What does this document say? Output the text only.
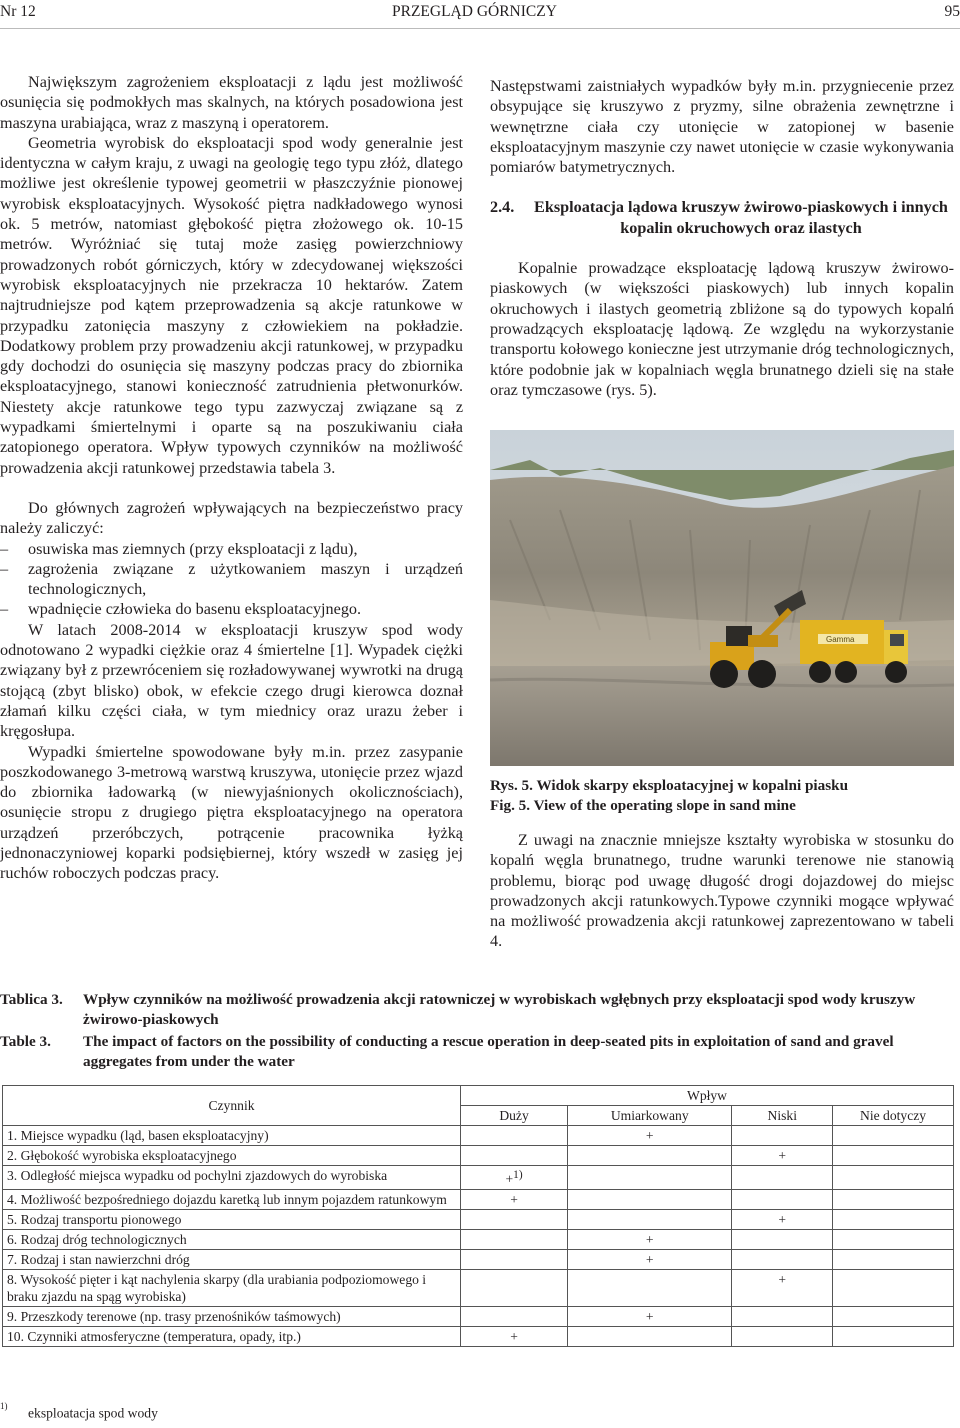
Nr 12	PRZEGLĄD GÓRNICZY	95

Największym zagrożeniem eksploatacji z lądu jest możliwość osunięcia się podmokłych mas skalnych, na których posadowiona jest maszyna urabiająca, wraz z maszyną i operatorem.

Geometria wyrobisk do eksploatacji spod wody generalnie jest identyczna w całym kraju, z uwagi na geologię tego typu złóż, dlatego możliwe jest określenie typowej geometrii w płaszczyźnie pionowej wyrobisk eksploatacyjnych. Wysokość piętra nadkładowego wynosi ok. 5 metrów, natomiast głębokość piętra złożowego ok. 10-15 metrów. Wyróżniać się tutaj może zasięg powierzchniowy prowadzonych robót górniczych, który w zdecydowanej większości wyrobisk eksploatacyjnych nie przekracza 10 hektarów. Zatem najtrudniejsze pod kątem przeprowadzenia są akcje ratunkowe w przypadku zatonięcia maszyny z człowiekiem na pokładzie. Dodatkowy problem przy prowadzeniu akcji ratunkowej, w przypadku gdy dochodzi do osunięcia się maszyny podczas pracy do zbiornika eksploatacyjnego, stanowi konieczność zatrudnienia płetwonurków. Niestety akcje ratunkowe tego typu zazwyczaj związane są z wypadkami śmiertelnymi i oparte są na poszukiwaniu ciała zatopionego operatora. Wpływ typowych czynników na możliwość prowadzenia akcji ratunkowej przedstawia tabela 3.

Do głównych zagrożeń wpływających na bezpieczeństwo pracy należy zaliczyć:

– osuwiska mas ziemnych (przy eksploatacji z lądu),
– zagrożenia związane z użytkowaniem maszyn i urządzeń technologicznych,
– wpadnięcie człowieka do basenu eksploatacyjnego.

W latach 2008-2014 w eksploatacji kruszyw spod wody odnotowano 2 wypadki ciężkie oraz 4 śmiertelne [1]. Wypadek ciężki związany był z przewróceniem się rozładowywanej wywrotki na drugą stojącą (zbyt blisko) obok, w efekcie czego drugi kierowca doznał złamań kilku części ciała, w tym miednicy oraz urazu żeber i kręgosłupa.

Wypadki śmiertelne spowodowane były m.in. przez zasypanie poszkodowanego 3-metrową warstwą kruszywa, utonięcie przez wjazd do zbiornika ładowarką (w niewyjaśnionych okolicznościach), osunięcie stropu z drugiego piętra eksploatacyjnego na operatora urządzeń przeróbczych, potrącenie pracownika łyżką jednonaczyniowej koparki podsiębiernej, który wszedł w zasięg jej ruchów roboczych podczas pracy.

Następstwami zaistniałych wypadków były m.in. przygniecenie przez obsypujące się kruszywo z pryzmy, silne obrażenia zewnętrzne i wewnętrzne ciała czy utonięcie w zatopionej w basenie eksploatacyjnym maszynie czy nawet utonięcie w czasie wykonywania pomiarów batymetrycznych.

2.4.	Eksploatacja lądowa kruszyw żwirowo-piaskowych i innych kopalin okruchowych oraz ilastych

Kopalnie prowadzące eksploatację lądową kruszyw żwirowo-piaskowych (w większości piaskowych) lub innych kopalin okruchowych i ilastych geometrią zbliżone są do typowych kopalń prowadzących eksploatację lądową. Ze względu na wykorzystanie transportu kołowego konieczne jest utrzymanie dróg technologicznych, które podobnie jak w kopalniach węgla brunatnego dzieli się na stałe oraz tymczasowe (rys. 5).

Gamma
Rys. 5. Widok skarpy eksploatacyjnej w kopalni piasku
Fig. 5. View of the operating slope in sand mine

Z uwagi na znacznie mniejsze kształty wyrobiska w stosunku do kopalń węgla brunatnego, trudne warunki terenowe nie stanowią problemu, biorąc pod uwagę długość drogi dojazdowej do miejsc prowadzonych akcji ratunkowych.Typowe czynniki mogące wpływać na możliwość prowadzenia akcji ratunkowej zaprezentowano w tabeli 4.

Tablica 3.	Wpływ czynników na możliwość prowadzenia akcji ratowniczej w wyrobiskach wgłębnych przy eksploatacji spod wody kruszyw żwirowo-piaskowych
Table 3.	The impact of factors on the possibility of conducting a rescue operation in deep-seated pits in exploitation of sand and gravel aggregates from under the water
Czynnik	Wpływ			
	Duży	Umiarkowany	Niski	Nie dotyczy
1. Miejsce wypadku (ląd, basen eksploatacyjny)		+		
2. Głębokość wyrobiska eksploatacyjnego			+	
3. Odległość miejsca wypadku od pochylni zjazdowych do wyrobiska	+$^{1)}$			
4. Możliwość bezpośredniego dojazdu karetką lub innym pojazdem ratunkowym	+			
5. Rodzaj transportu pionowego			+	
6. Rodzaj dróg technologicznych		+		
7. Rodzaj i stan nawierzchni dróg		+		
8. Wysokość pięter i kąt nachylenia skarpy (dla urabiania podpoziomowego i braku zjazdu na spąg wyrobiska)			+	
9. Przeszkody terenowe (np. trasy przenośników taśmowych)		+		
10. Czynniki atmosferyczne (temperatura, opady, itp.)	+			
$^{1)}$ eksploatacja spod wody
